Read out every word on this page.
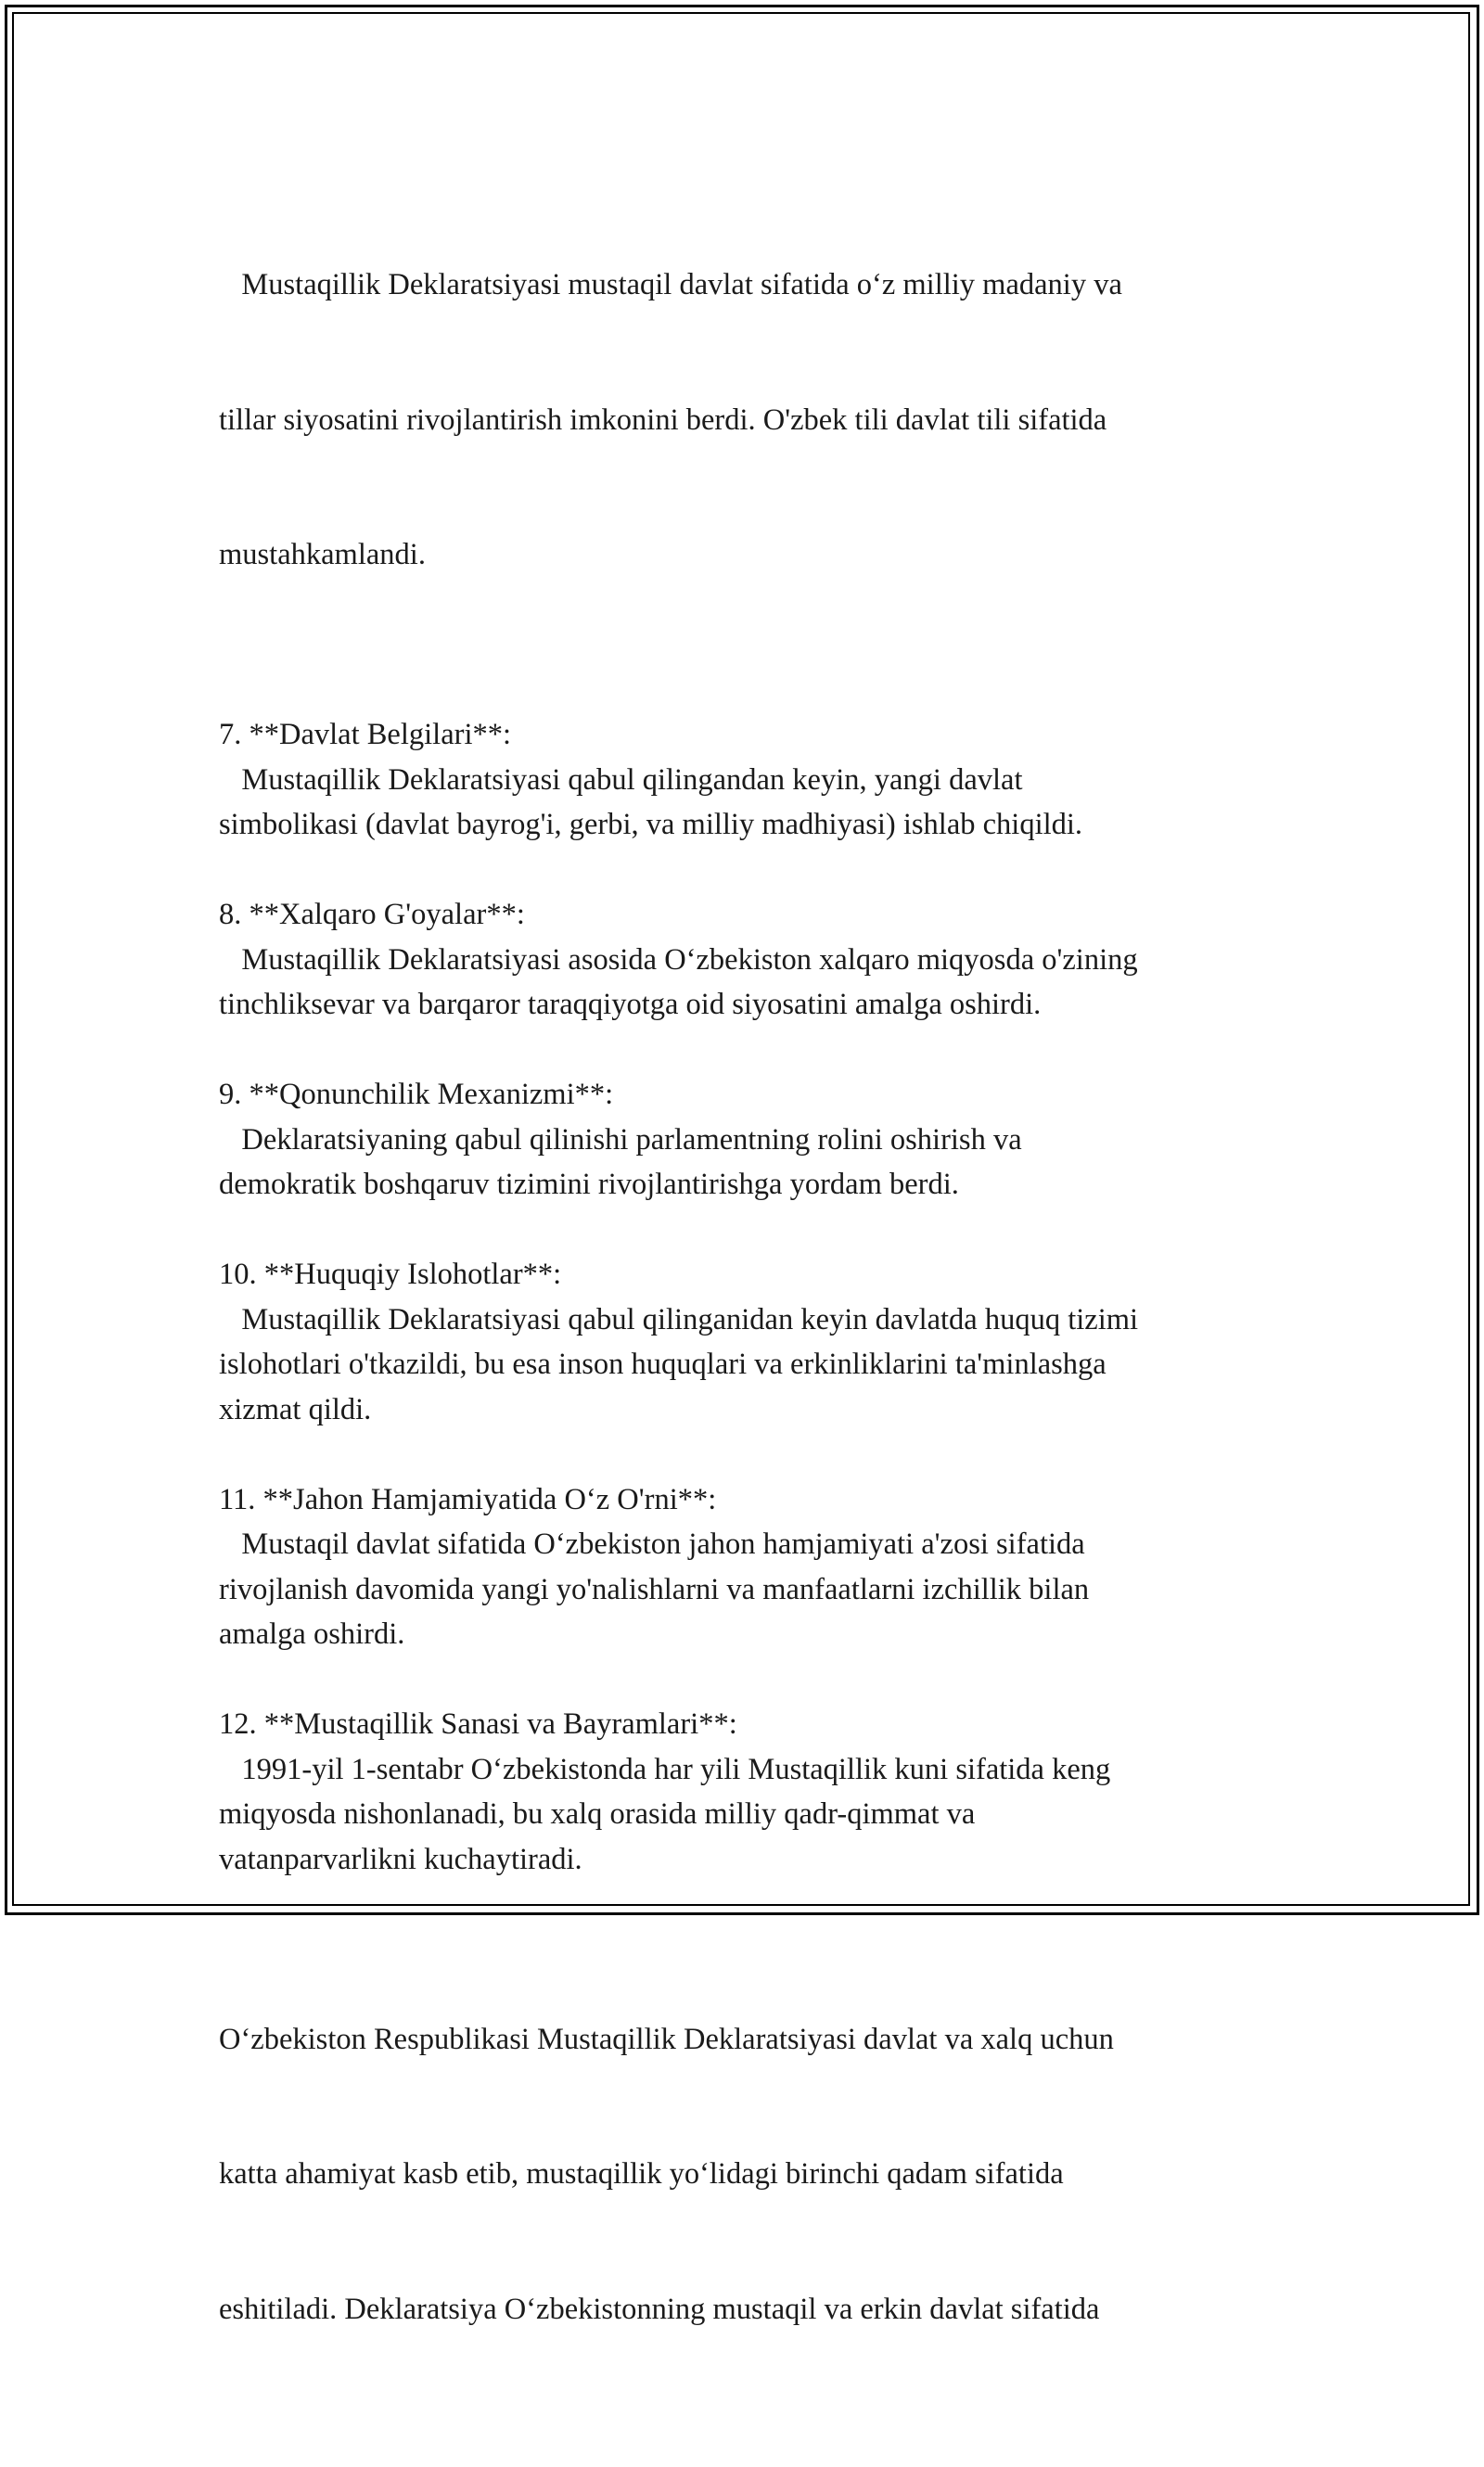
Mustaqillik Deklaratsiyasi mustaqil davlat sifatida o‘z milliy madaniy va

tillar siyosatini rivojlantirish imkonini berdi. O'zbek tili davlat tili sifatida

mustahkamlandi.

7. **Davlat Belgilari**:
Mustaqillik Deklaratsiyasi qabul qilingandan keyin, yangi davlat
simbolikasi (davlat bayrog'i, gerbi, va milliy madhiyasi) ishlab chiqildi.
8. **Xalqaro G'oyalar**:
Mustaqillik Deklaratsiyasi asosida O‘zbekiston xalqaro miqyosda o'zining
tinchliksevar va barqaror taraqqiyotga oid siyosatini amalga oshirdi.
9. **Qonunchilik Mexanizmi**:
Deklaratsiyaning qabul qilinishi parlamentning rolini oshirish va
demokratik boshqaruv tizimini rivojlantirishga yordam berdi.
10. **Huquqiy Islohotlar**:
Mustaqillik Deklaratsiyasi qabul qilinganidan keyin davlatda huquq tizimi
islohotlari o'tkazildi, bu esa inson huquqlari va erkinliklarini ta'minlashga
xizmat qildi.
11. **Jahon Hamjamiyatida O‘z O'rni**:
Mustaqil davlat sifatida O‘zbekiston jahon hamjamiyati a'zosi sifatida
rivojlanish davomida yangi yo'nalishlarni va manfaatlarni izchillik bilan
amalga oshirdi.
12. **Mustaqillik Sanasi va Bayramlari**:
1991-yil 1-sentabr O‘zbekistonda har yili Mustaqillik kuni sifatida keng
miqyosda nishonlanadi, bu xalq orasida milliy qadr-qimmat va
vatanparvarlikni kuchaytiradi.

O‘zbekiston Respublikasi Mustaqillik Deklaratsiyasi davlat va xalq uchun

katta ahamiyat kasb etib, mustaqillik yo‘lidagi birinchi qadam sifatida

eshitiladi. Deklaratsiya O‘zbekistonning mustaqil va erkin davlat sifatida
